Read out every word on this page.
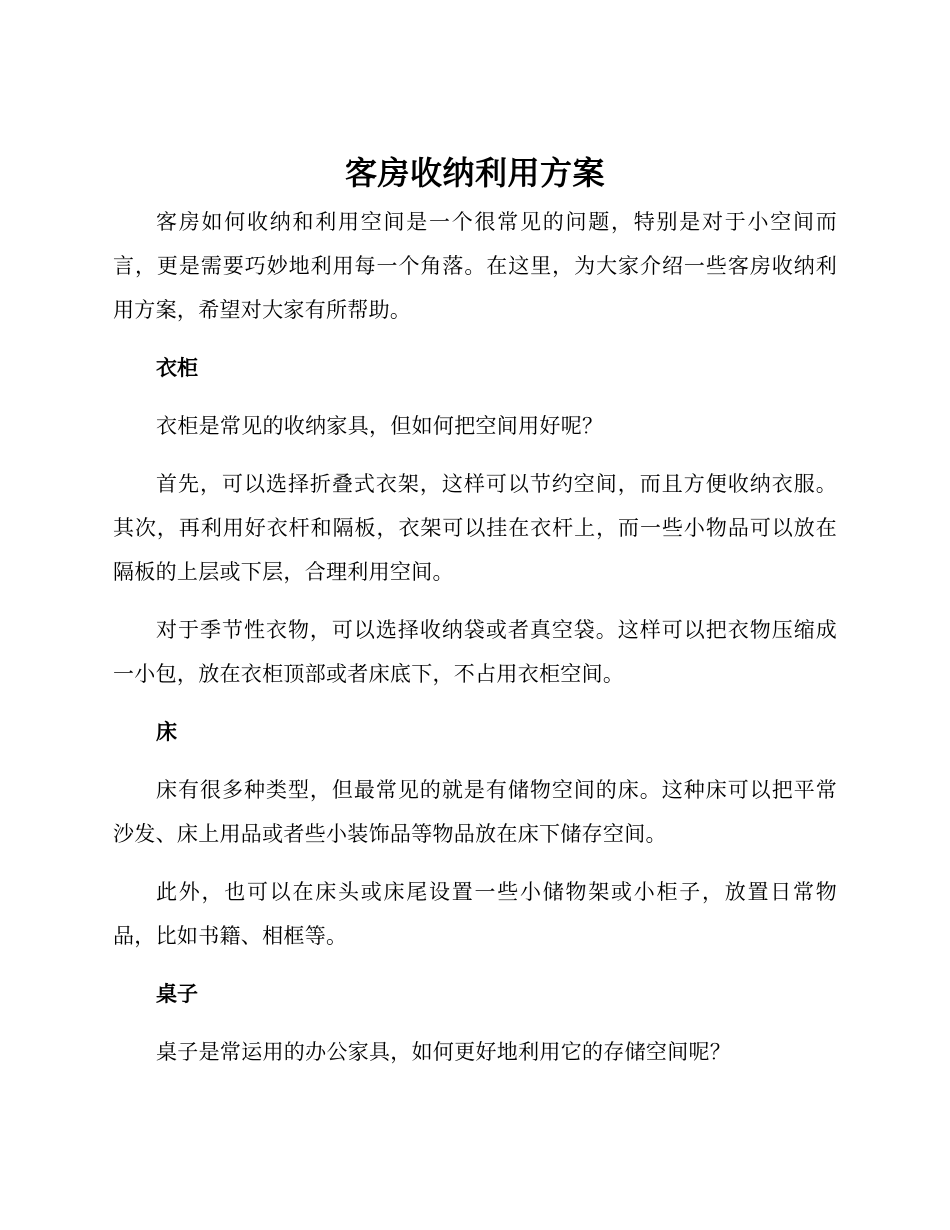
客房收纳利用方案

客房如何收纳和利用空间是一个很常见的问题，特别是对于小空间而言，更是需要巧妙地利用每一个角落。在这里，为大家介绍一些客房收纳利用方案，希望对大家有所帮助。

衣柜

衣柜是常见的收纳家具，但如何把空间用好呢？

首先，可以选择折叠式衣架，这样可以节约空间，而且方便收纳衣服。其次，再利用好衣杆和隔板，衣架可以挂在衣杆上，而一些小物品可以放在隔板的上层或下层，合理利用空间。

对于季节性衣物，可以选择收纳袋或者真空袋。这样可以把衣物压缩成一小包，放在衣柜顶部或者床底下，不占用衣柜空间。

床

床有很多种类型，但最常见的就是有储物空间的床。这种床可以把平常沙发、床上用品或者些小装饰品等物品放在床下储存空间。

此外，也可以在床头或床尾设置一些小储物架或小柜子，放置日常物品，比如书籍、相框等。

桌子

桌子是常运用的办公家具，如何更好地利用它的存储空间呢？
